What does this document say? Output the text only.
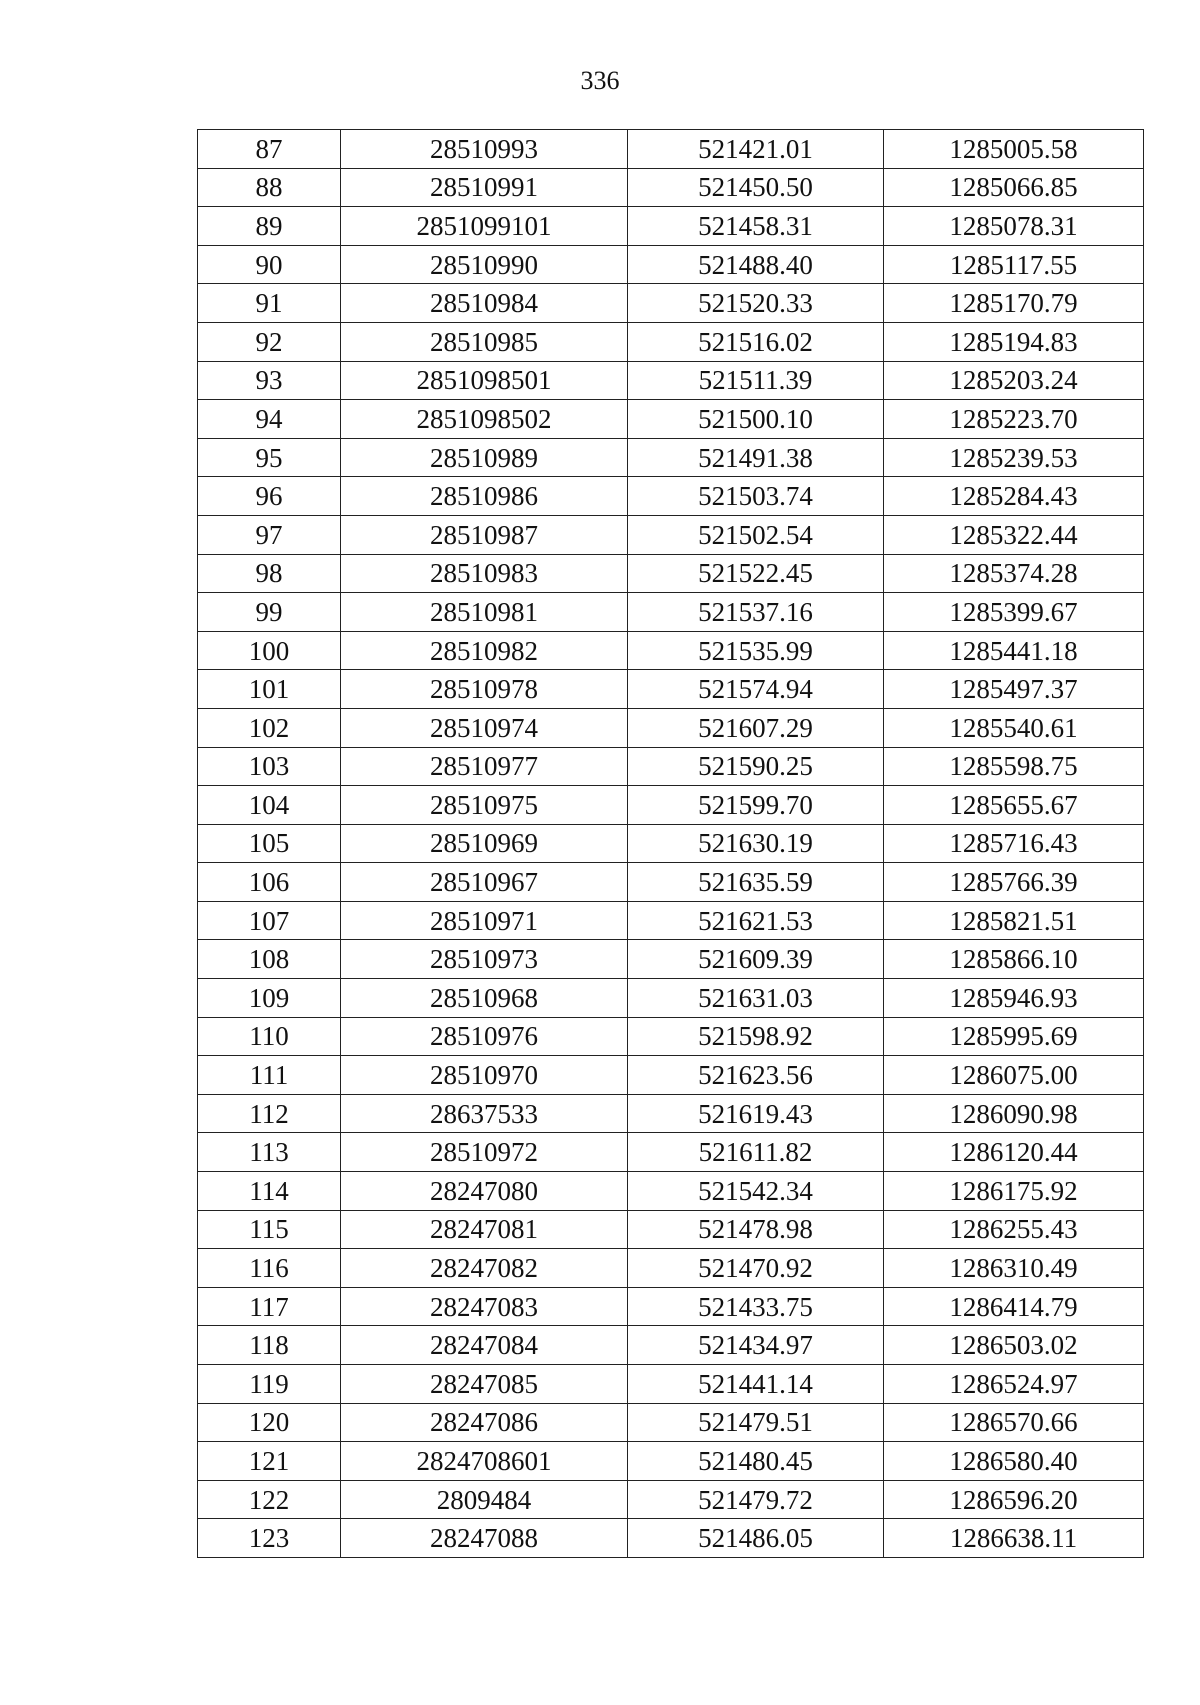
336
87	28510993	521421.01	1285005.58
88	28510991	521450.50	1285066.85
89	2851099101	521458.31	1285078.31
90	28510990	521488.40	1285117.55
91	28510984	521520.33	1285170.79
92	28510985	521516.02	1285194.83
93	2851098501	521511.39	1285203.24
94	2851098502	521500.10	1285223.70
95	28510989	521491.38	1285239.53
96	28510986	521503.74	1285284.43
97	28510987	521502.54	1285322.44
98	28510983	521522.45	1285374.28
99	28510981	521537.16	1285399.67
100	28510982	521535.99	1285441.18
101	28510978	521574.94	1285497.37
102	28510974	521607.29	1285540.61
103	28510977	521590.25	1285598.75
104	28510975	521599.70	1285655.67
105	28510969	521630.19	1285716.43
106	28510967	521635.59	1285766.39
107	28510971	521621.53	1285821.51
108	28510973	521609.39	1285866.10
109	28510968	521631.03	1285946.93
110	28510976	521598.92	1285995.69
111	28510970	521623.56	1286075.00
112	28637533	521619.43	1286090.98
113	28510972	521611.82	1286120.44
114	28247080	521542.34	1286175.92
115	28247081	521478.98	1286255.43
116	28247082	521470.92	1286310.49
117	28247083	521433.75	1286414.79
118	28247084	521434.97	1286503.02
119	28247085	521441.14	1286524.97
120	28247086	521479.51	1286570.66
121	2824708601	521480.45	1286580.40
122	2809484	521479.72	1286596.20
123	28247088	521486.05	1286638.11
